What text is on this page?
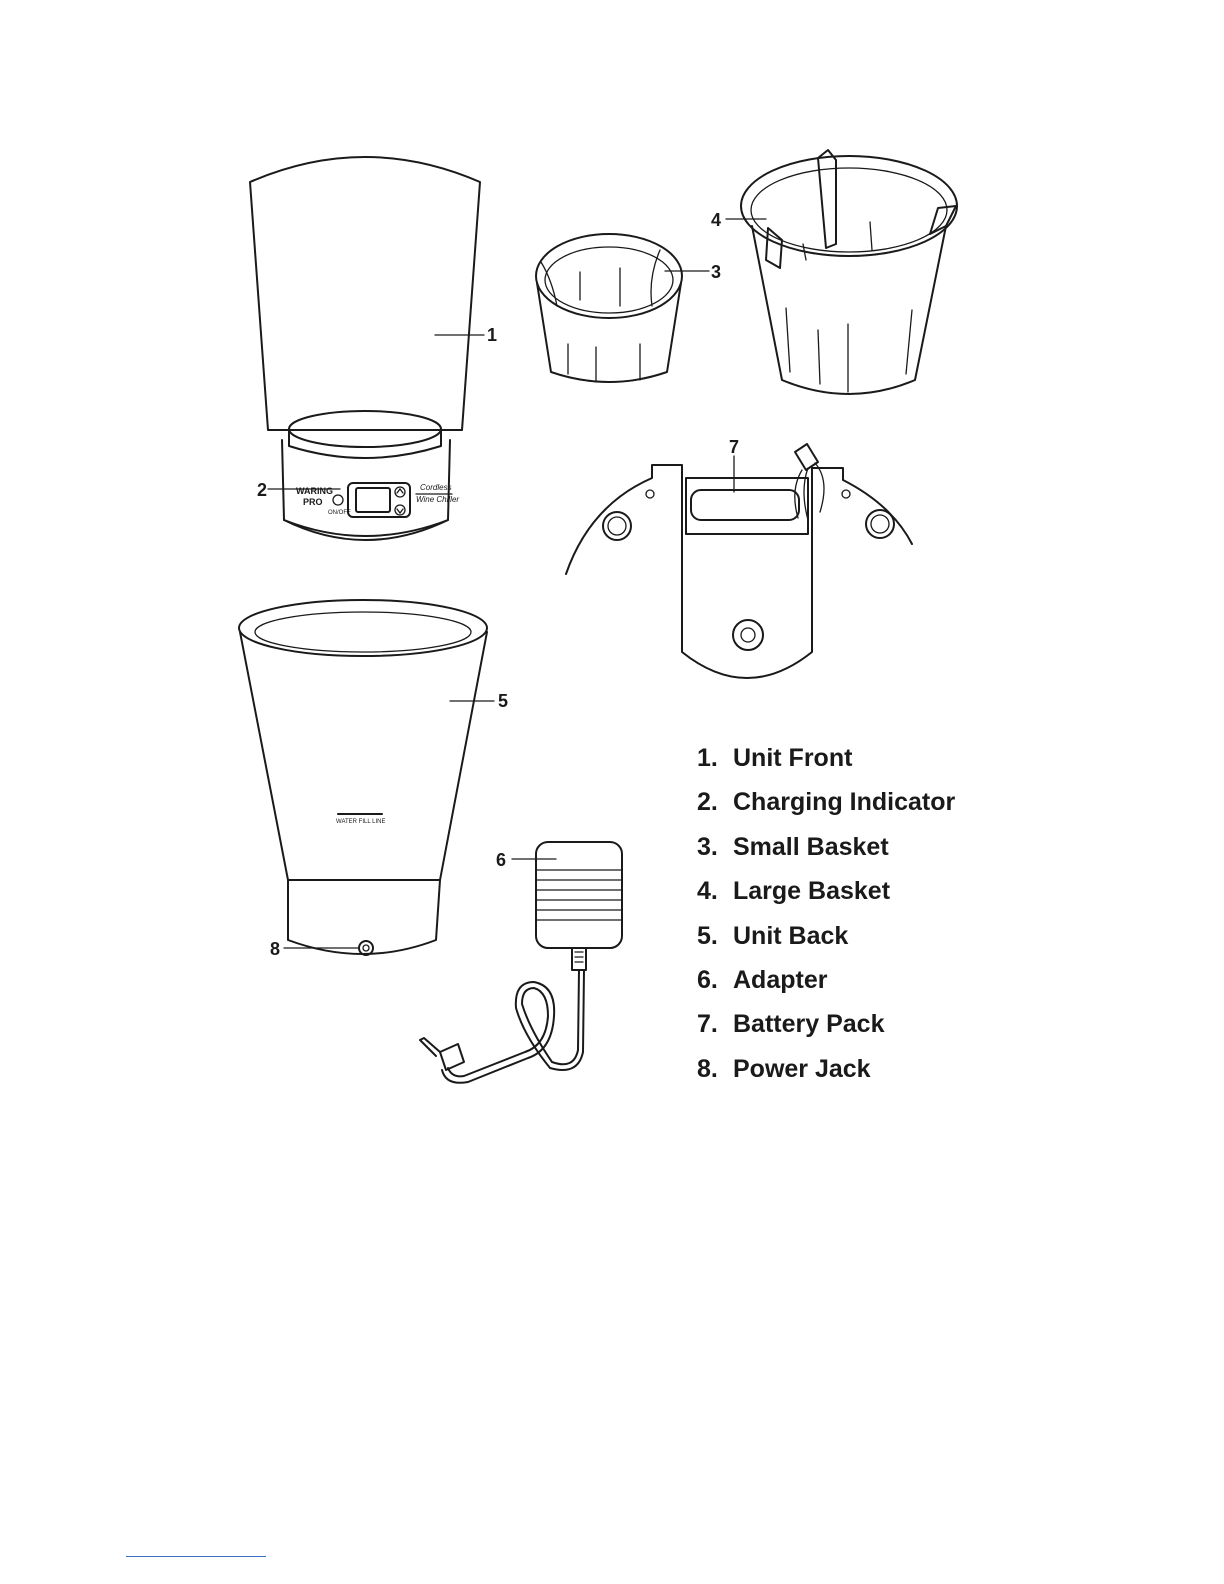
WARING
PRO
ON/OFF
Cordless
Wine Chiller
WATER FILL LINE
1
2
3
4
5
6
7
8
1. Unit Front
2. Charging Indicator
3. Small Basket
4. Large Basket
5. Unit Back
6. Adapter
7. Battery Pack
8. Power Jack
